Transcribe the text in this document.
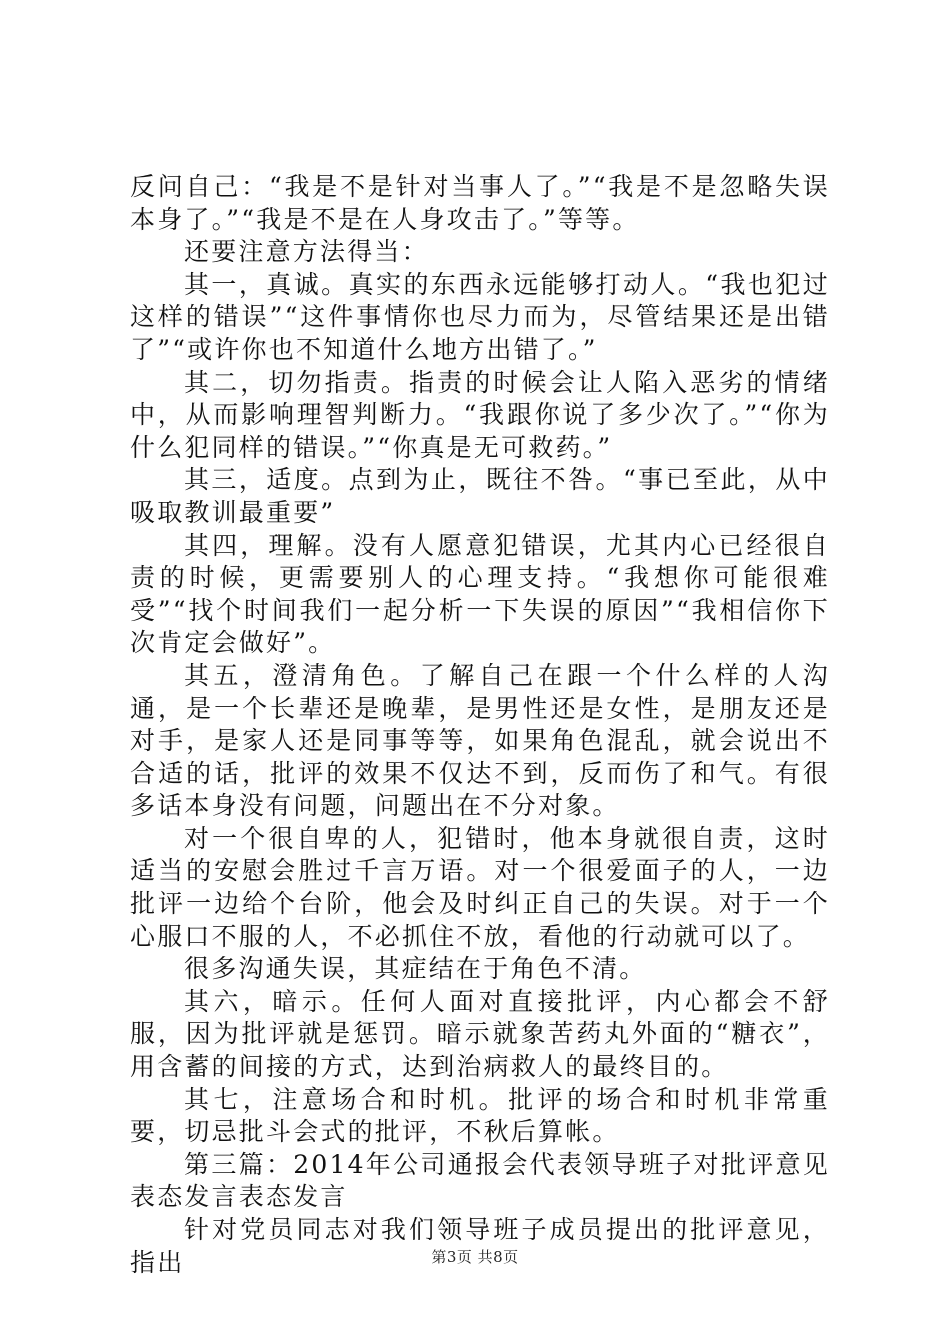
反问自己：“我是不是针对当事人了。”“我是不是忽略失误本身了。”“我是不是在人身攻击了。”等等。

还要注意方法得当：

其一，真诚。真实的东西永远能够打动人。“我也犯过这样的错误”“这件事情你也尽力而为，尽管结果还是出错了”“或许你也不知道什么地方出错了。”

其二，切勿指责。指责的时候会让人陷入恶劣的情绪中，从而影响理智判断力。“我跟你说了多少次了。”“你为什么犯同样的错误。”“你真是无可救药。”

其三，适度。点到为止，既往不咎。“事已至此，从中吸取教训最重要”

其四，理解。没有人愿意犯错误，尤其内心已经很自责的时候，更需要别人的心理支持。“我想你可能很难受”“找个时间我们一起分析一下失误的原因”“我相信你下次肯定会做好”。

其五，澄清角色。了解自己在跟一个什么样的人沟通，是一个长辈还是晚辈，是男性还是女性，是朋友还是对手，是家人还是同事等等，如果角色混乱，就会说出不合适的话，批评的效果不仅达不到，反而伤了和气。有很多话本身没有问题，问题出在不分对象。

对一个很自卑的人，犯错时，他本身就很自责，这时适当的安慰会胜过千言万语。对一个很爱面子的人，一边批评一边给个台阶，他会及时纠正自己的失误。对于一个心服口不服的人，不必抓住不放，看他的行动就可以了。

很多沟通失误，其症结在于角色不清。

其六，暗示。任何人面对直接批评，内心都会不舒服，因为批评就是惩罚。暗示就象苦药丸外面的“糖衣”，用含蓄的间接的方式，达到治病救人的最终目的。

其七，注意场合和时机。批评的场合和时机非常重要，切忌批斗会式的批评，不秋后算帐。

第三篇：2014年公司通报会代表领导班子对批评意见表态发言表态发言

针对党员同志对我们领导班子成员提出的批评意见，指出	第3页 共8页
